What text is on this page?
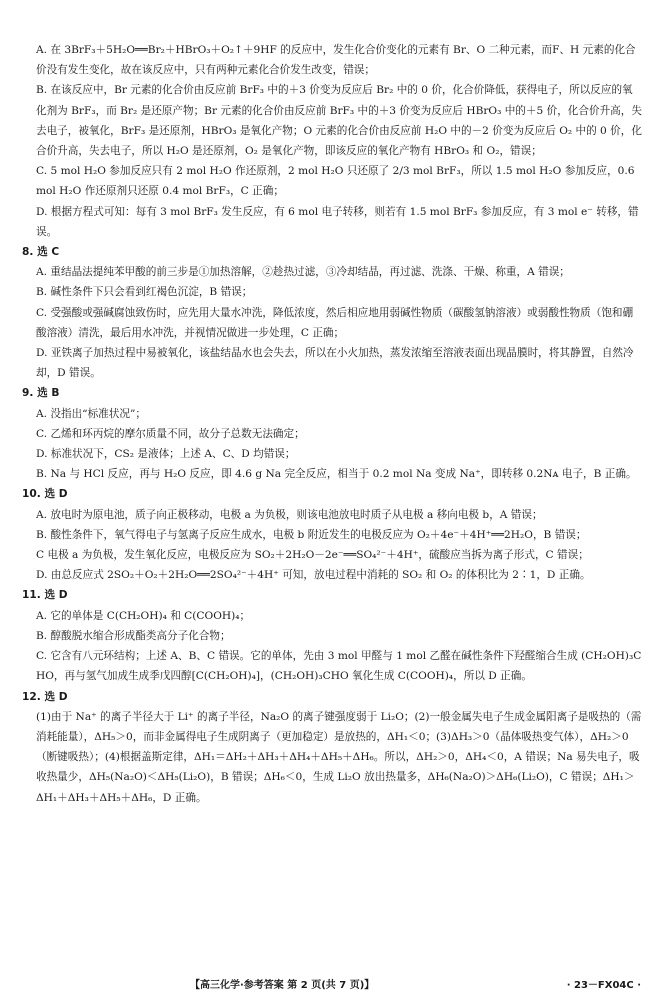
A. 在 3BrF₃＋5H₂O══Br₂＋HBrO₃＋O₂↑＋9HF 的反应中，发生化合价变化的元素有 Br、O 二种元素，而F、H 元素的化合价没有发生变化，故在该反应中，只有两种元素化合价发生改变，错误；

B. 在该反应中，Br 元素的化合价由反应前 BrF₃ 中的＋3 价变为反应后 Br₂ 中的 0 价，化合价降低，获得电子，所以反应的氧化剂为 BrF₃，而 Br₂ 是还原产物；Br 元素的化合价由反应前 BrF₃ 中的＋3 价变为反应后 HBrO₃ 中的＋5 价，化合价升高，失去电子，被氧化，BrF₃ 是还原剂，HBrO₃ 是氧化产物；O 元素的化合价由反应前 H₂O 中的－2 价变为反应后 O₂ 中的 0 价，化合价升高，失去电子，所以 H₂O 是还原剂，O₂ 是氧化产物，即该反应的氧化产物有 HBrO₃ 和 O₂，错误；

C. 5 mol H₂O 参加反应只有 2 mol H₂O 作还原剂，2 mol H₂O 只还原了 2/3 mol BrF₃，所以 1.5 mol H₂O 参加反应，0.6 mol H₂O 作还原剂只还原 0.4 mol BrF₃，C 正确；

D. 根据方程式可知：每有 3 mol BrF₃ 发生反应，有 6 mol 电子转移，则若有 1.5 mol BrF₃ 参加反应，有 3 mol e⁻ 转移，错误。

8. 选 C

A. 重结晶法提纯苯甲酸的前三步是①加热溶解，②趁热过滤，③冷却结晶，再过滤、洗涤、干燥、称重，A 错误；

B. 碱性条件下只会看到红褐色沉淀，B 错误；

C. 受强酸或强碱腐蚀致伤时，应先用大量水冲洗，降低浓度，然后相应地用弱碱性物质（碳酸氢钠溶液）或弱酸性物质（饱和硼酸溶液）清洗，最后用水冲洗，并视情况做进一步处理，C 正确；

D. 亚铁离子加热过程中易被氧化，该盐结晶水也会失去，所以在小火加热，蒸发浓缩至溶液表面出现晶膜时，将其静置，自然冷却，D 错误。

9. 选 B

A. 没指出“标准状况”；

C. 乙烯和环丙烷的摩尔质量不同，故分子总数无法确定；

D. 标准状况下，CS₂ 是液体；上述 A、C、D 均错误；

B. Na 与 HCl 反应，再与 H₂O 反应，即 4.6 g Na 完全反应，相当于 0.2 mol Na 变成 Na⁺，即转移 0.2Nᴀ 电子，B 正确。

10. 选 D

A. 放电时为原电池，质子向正极移动，电极 a 为负极，则该电池放电时质子从电极 a 移向电极 b，A 错误；

B. 酸性条件下，氧气得电子与氢离子反应生成水，电极 b 附近发生的电极反应为 O₂＋4e⁻＋4H⁺══2H₂O，B 错误；

C 电极 a 为负极，发生氧化反应，电极反应为 SO₂＋2H₂O－2e⁻══SO₄²⁻＋4H⁺，硫酸应当拆为离子形式，C 错误；

D. 由总反应式 2SO₂＋O₂＋2H₂O══2SO₄²⁻＋4H⁺ 可知，放电过程中消耗的 SO₂ 和 O₂ 的体积比为 2∶1，D 正确。

11. 选 D

A. 它的单体是 C(CH₂OH)₄ 和 C(COOH)₄；

B. 醇酸脱水缩合形成酯类高分子化合物；

C. 它含有八元环结构；上述 A、B、C 错误。它的单体，先由 3 mol 甲醛与 1 mol 乙醛在碱性条件下羟醛缩合生成 (CH₂OH)₃CHO，再与氢气加成生成季戊四醇[C(CH₂OH)₄]，(CH₂OH)₃CHO 氧化生成 C(COOH)₄，所以 D 正确。

12. 选 D

(1)由于 Na⁺ 的离子半径大于 Li⁺ 的离子半径，Na₂O 的离子键强度弱于 Li₂O；(2)一般金属失电子生成金属阳离子是吸热的（需消耗能量），ΔH₅＞0，而非金属得电子生成阴离子（更加稳定）是放热的，ΔH₁＜0；(3)ΔH₃＞0（晶体吸热变气体），ΔH₂＞0（断键吸热）；(4)根据盖斯定律，ΔH₁＝ΔH₂＋ΔH₃＋ΔH₄＋ΔH₅＋ΔH₆。所以，ΔH₂＞0，ΔH₄＜0，A 错误；Na 易失电子，吸收热量少，ΔH₅(Na₂O)＜ΔH₅(Li₂O)，B 错误；ΔH₆＜0，生成 Li₂O 放出热量多，ΔH₆(Na₂O)＞ΔH₆(Li₂O)，C 错误；ΔH₁＞ΔH₁＋ΔH₃＋ΔH₅＋ΔH₆，D 正确。

【高三化学·参考答案 第 2 页(共 7 页)】	· 23－FX04C ·
